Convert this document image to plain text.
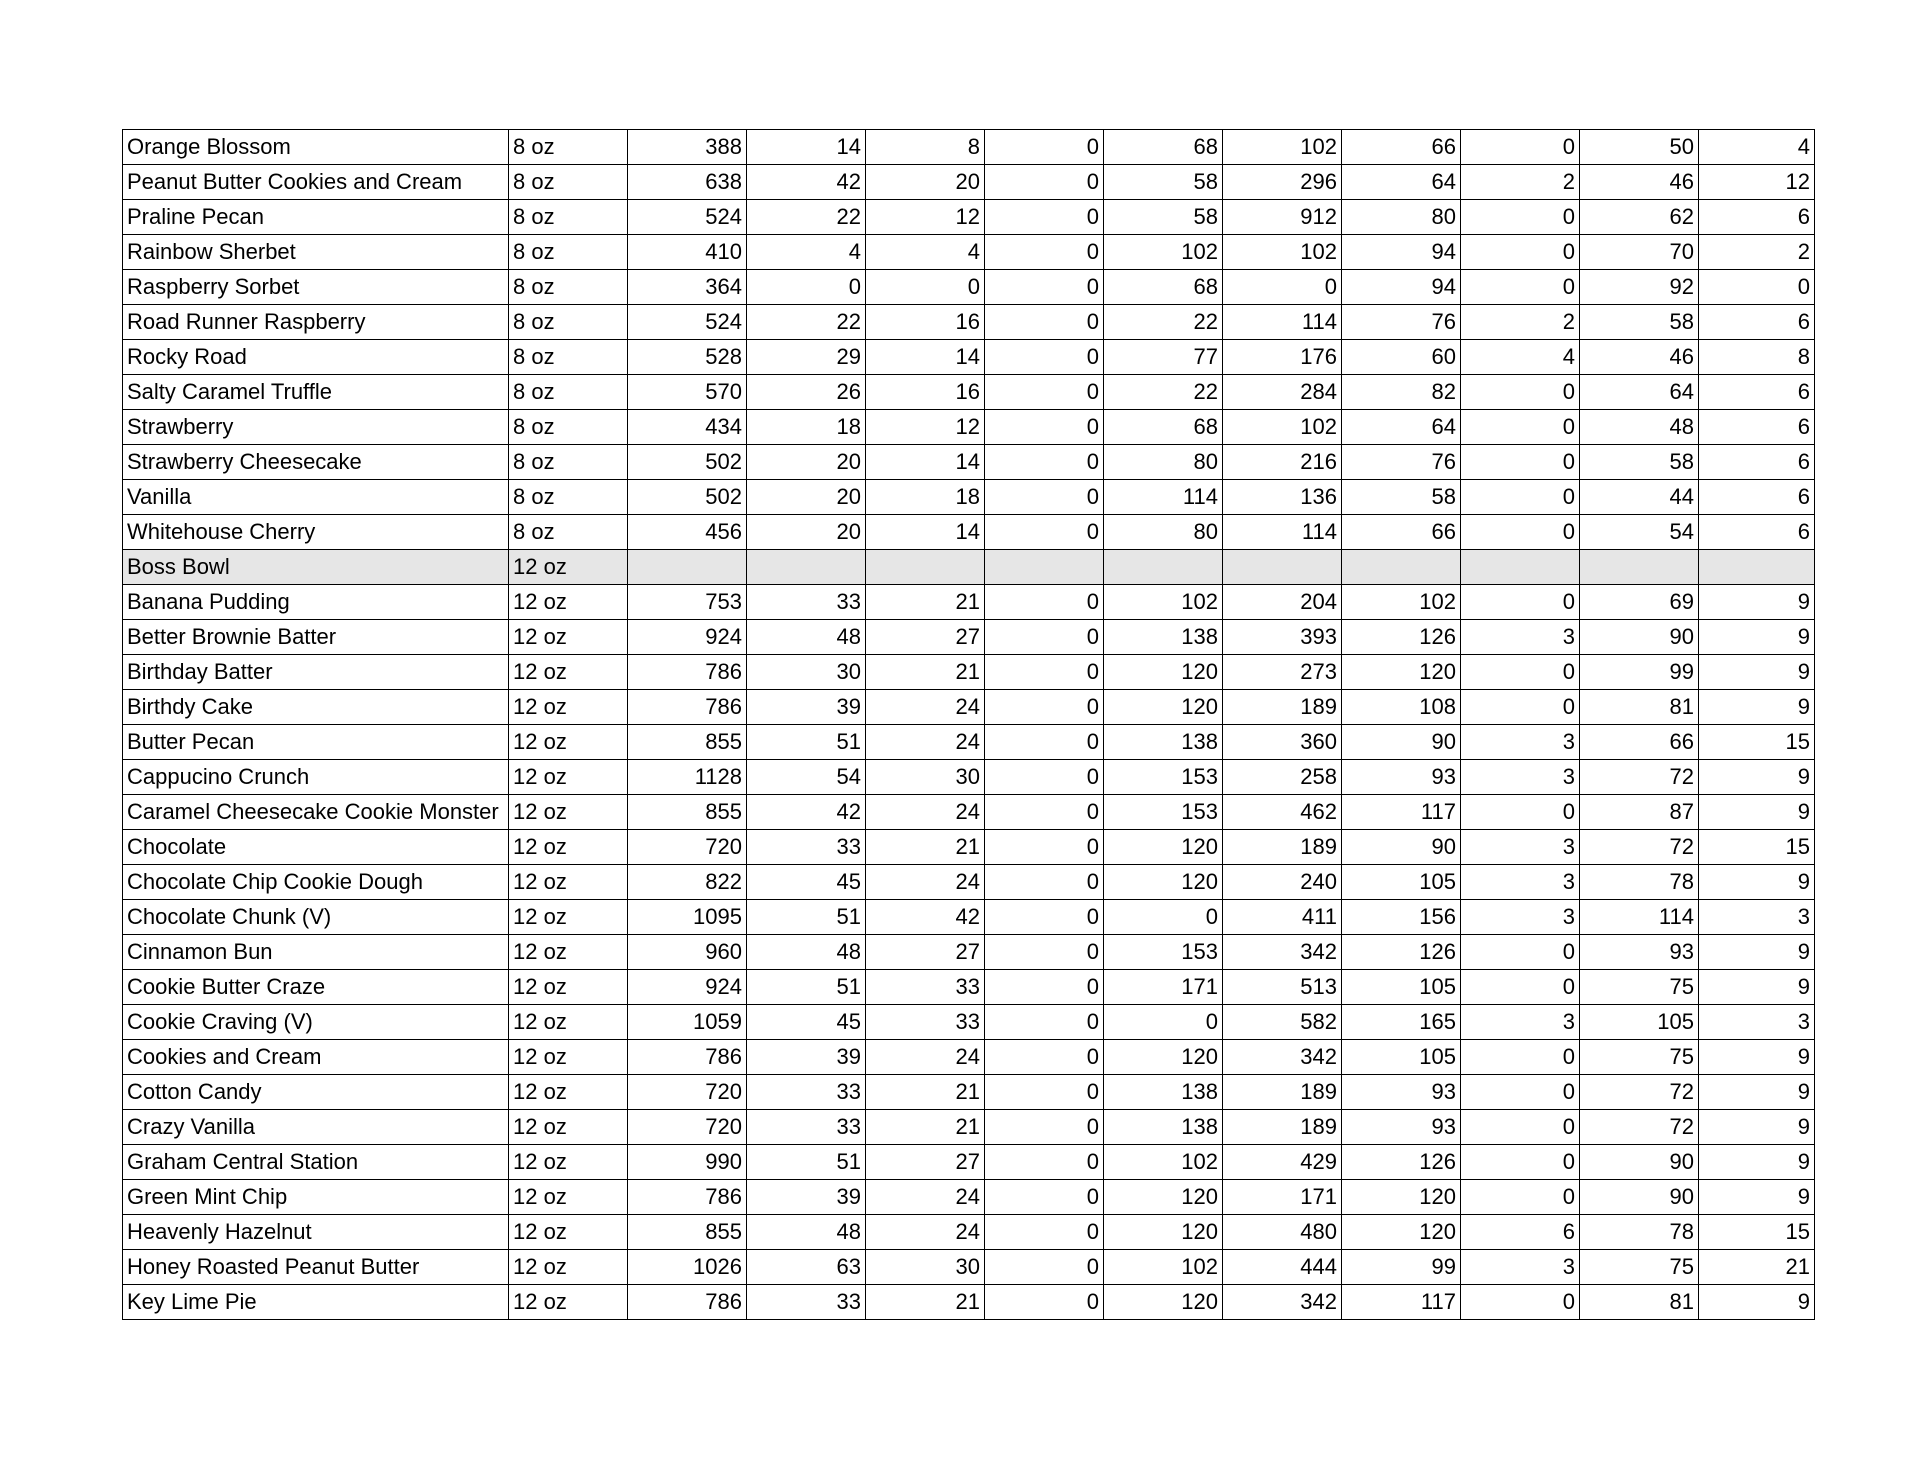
Orange Blossom	8 oz	388	14	8	0	68	102	66	0	50	4
Peanut Butter Cookies and Cream	8 oz	638	42	20	0	58	296	64	2	46	12
Praline Pecan	8 oz	524	22	12	0	58	912	80	0	62	6
Rainbow Sherbet	8 oz	410	4	4	0	102	102	94	0	70	2
Raspberry Sorbet	8 oz	364	0	0	0	68	0	94	0	92	0
Road Runner Raspberry	8 oz	524	22	16	0	22	114	76	2	58	6
Rocky Road	8 oz	528	29	14	0	77	176	60	4	46	8
Salty Caramel Truffle	8 oz	570	26	16	0	22	284	82	0	64	6
Strawberry	8 oz	434	18	12	0	68	102	64	0	48	6
Strawberry Cheesecake	8 oz	502	20	14	0	80	216	76	0	58	6
Vanilla	8 oz	502	20	18	0	114	136	58	0	44	6
Whitehouse Cherry	8 oz	456	20	14	0	80	114	66	0	54	6
Boss Bowl	12 oz										
Banana Pudding	12 oz	753	33	21	0	102	204	102	0	69	9
Better Brownie Batter	12 oz	924	48	27	0	138	393	126	3	90	9
Birthday Batter	12 oz	786	30	21	0	120	273	120	0	99	9
Birthdy Cake	12 oz	786	39	24	0	120	189	108	0	81	9
Butter Pecan	12 oz	855	51	24	0	138	360	90	3	66	15
Cappucino Crunch	12 oz	1128	54	30	0	153	258	93	3	72	9
Caramel Cheesecake Cookie Monster	12 oz	855	42	24	0	153	462	117	0	87	9
Chocolate	12 oz	720	33	21	0	120	189	90	3	72	15
Chocolate Chip Cookie Dough	12 oz	822	45	24	0	120	240	105	3	78	9
Chocolate Chunk (V)	12 oz	1095	51	42	0	0	411	156	3	114	3
Cinnamon Bun	12 oz	960	48	27	0	153	342	126	0	93	9
Cookie Butter Craze	12 oz	924	51	33	0	171	513	105	0	75	9
Cookie Craving (V)	12 oz	1059	45	33	0	0	582	165	3	105	3
Cookies and Cream	12 oz	786	39	24	0	120	342	105	0	75	9
Cotton Candy	12 oz	720	33	21	0	138	189	93	0	72	9
Crazy Vanilla	12 oz	720	33	21	0	138	189	93	0	72	9
Graham Central Station	12 oz	990	51	27	0	102	429	126	0	90	9
Green Mint Chip	12 oz	786	39	24	0	120	171	120	0	90	9
Heavenly Hazelnut	12 oz	855	48	24	0	120	480	120	6	78	15
Honey Roasted Peanut Butter	12 oz	1026	63	30	0	102	444	99	3	75	21
Key Lime Pie	12 oz	786	33	21	0	120	342	117	0	81	9
